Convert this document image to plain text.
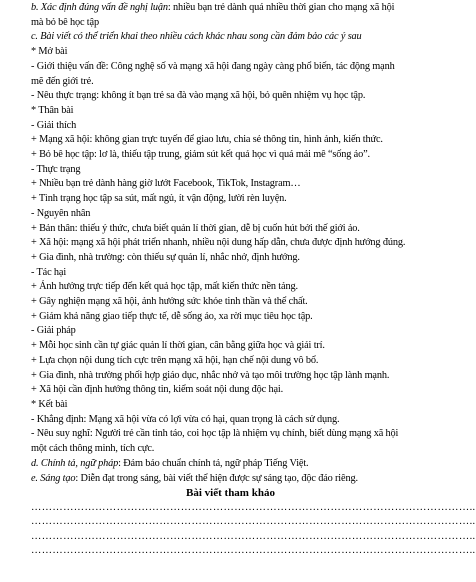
b. Xác định đúng vấn đề nghị luận: nhiều bạn trẻ dành quá nhiều thời gian cho mạng xã hội
mà bỏ bê học tập
c. Bài viết có thể triển khai theo nhiều cách khác nhau song cần đảm bảo các ý sau
* Mở bài
- Giới thiệu vấn đề: Công nghệ số và mạng xã hội đang ngày càng phổ biến, tác động mạnh
mẽ đến giới trẻ.
- Nêu thực trạng: không ít bạn trẻ sa đà vào mạng xã hội, bỏ quên nhiệm vụ học tập.
* Thân bài
- Giải thích
+ Mạng xã hội: không gian trực tuyến để giao lưu, chia sẻ thông tin, hình ảnh, kiến thức.
+ Bỏ bê học tập: lơ là, thiếu tập trung, giảm sút kết quả học vì quá mải mê “sống ảo”.
- Thực trạng
+ Nhiều bạn trẻ dành hàng giờ lướt Facebook, TikTok, Instagram…
+ Tình trạng học tập sa sút, mất ngủ, ít vận động, lười rèn luyện.
- Nguyên nhân
+ Bản thân: thiếu ý thức, chưa biết quản lí thời gian, dễ bị cuốn hút bởi thế giới ảo.
+ Xã hội: mạng xã hội phát triển nhanh, nhiều nội dung hấp dẫn, chưa được định hướng đúng.
+ Gia đình, nhà trường: còn thiếu sự quản lí, nhắc nhở, định hướng.
- Tác hại
+ Ảnh hưởng trực tiếp đến kết quả học tập, mất kiến thức nền tảng.
+ Gây nghiện mạng xã hội, ảnh hưởng sức khỏe tinh thần và thể chất.
+ Giảm khả năng giao tiếp thực tế, dễ sống ảo, xa rời mục tiêu học tập.
- Giải pháp
+ Mỗi học sinh cần tự giác quản lí thời gian, cân bằng giữa học và giải trí.
+ Lựa chọn nội dung tích cực trên mạng xã hội, hạn chế nội dung vô bổ.
+ Gia đình, nhà trường phối hợp giáo dục, nhắc nhở và tạo môi trường học tập lành mạnh.
+ Xã hội cần định hướng thông tin, kiểm soát nội dung độc hại.
* Kết bài
- Khẳng định: Mạng xã hội vừa có lợi vừa có hại, quan trọng là cách sử dụng.
- Nêu suy nghĩ: Người trẻ cần tỉnh táo, coi học tập là nhiệm vụ chính, biết dùng mạng xã hội
một cách thông minh, tích cực.
d. Chính tả, ngữ pháp: Đảm bảo chuẩn chính tả, ngữ pháp Tiếng Việt.
e. Sáng tạo: Diễn đạt trong sáng, bài viết thể hiện được sự sáng tạo, độc đáo riêng.
Bài viết tham khảo
……………………………………………………………………………………………………………..
……………………………………………………………………………………………………………..
……………………………………………………………………………………………………………..
……………………………………………………………………………………………………………..
